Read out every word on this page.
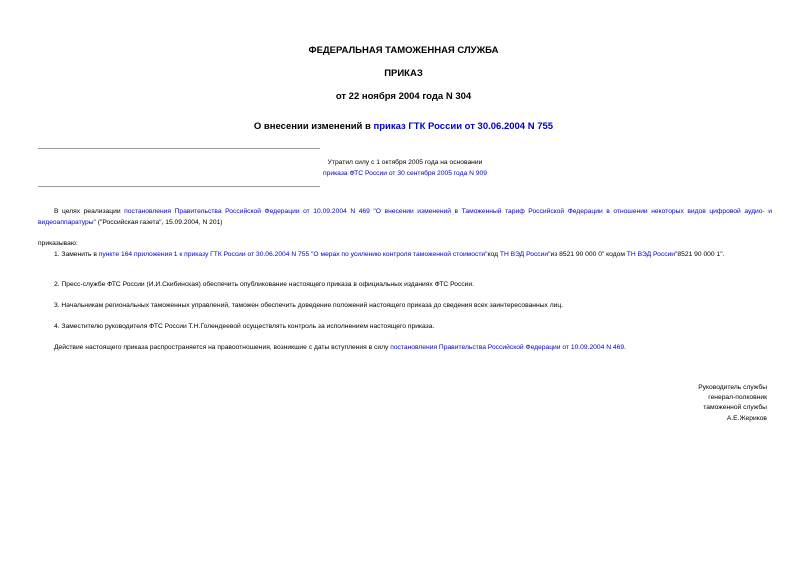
ФЕДЕРАЛЬНАЯ ТАМОЖЕННАЯ СЛУЖБА
ПРИКАЗ
от 22 ноября 2004 года N 304
О внесении изменений в приказ ГТК России от 30.06.2004 N 755
Утратил силу с 1 октября 2005 года на основании
приказа ФТС России от 30 сентября 2005 года N 909
В целях реализации постановления Правительства Российской Федерации от 10.09.2004 N 469 "О внесении изменений в Таможенный тариф Российской Федерации в отношении некоторых видов цифровой аудио- и видеоаппаратуры" ("Российская газета", 15.09.2004, N 201)
приказываю:
1. Заменить в пункте 164 приложения 1 к приказу ГТК России от 30.06.2004 N 755 "О мерах по усилению контроля таможенной стоимости"код ТН ВЭД России"из 8521 90 000 0" кодом ТН ВЭД России"8521 90 000 1".
2. Пресс-службе ФТС России (И.И.Скибинская) обеспечить опубликование настоящего приказа в официальных изданиях ФТС России.
3. Начальникам региональных таможенных управлений, таможен обеспечить доведение положений настоящего приказа до сведения всех заинтересованных лиц.
4. Заместителю руководителя ФТС России Т.Н.Голендеевой осуществлять контроль за исполнением настоящего приказа.
Действие настоящего приказа распространяется на правоотношения, возникшие с даты вступления в силу постановления Правительства Российской Федерации от 10.09.2004 N 469.
Руководитель службы
генерал-полковник
таможенной службы
А.Е.Жериков
